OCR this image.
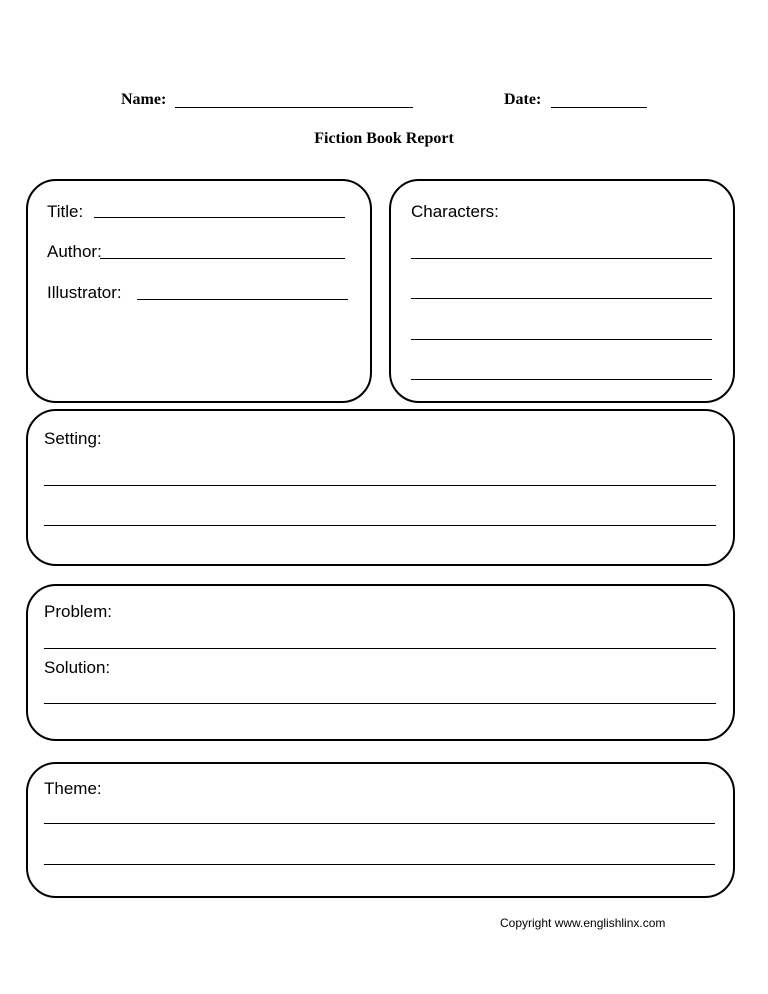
Name:	Date:
Fiction Book Report
Title:
Author:
Illustrator:
Characters:
Setting:
Problem:
Solution:
Theme:
Copyright www.englishlinx.com
